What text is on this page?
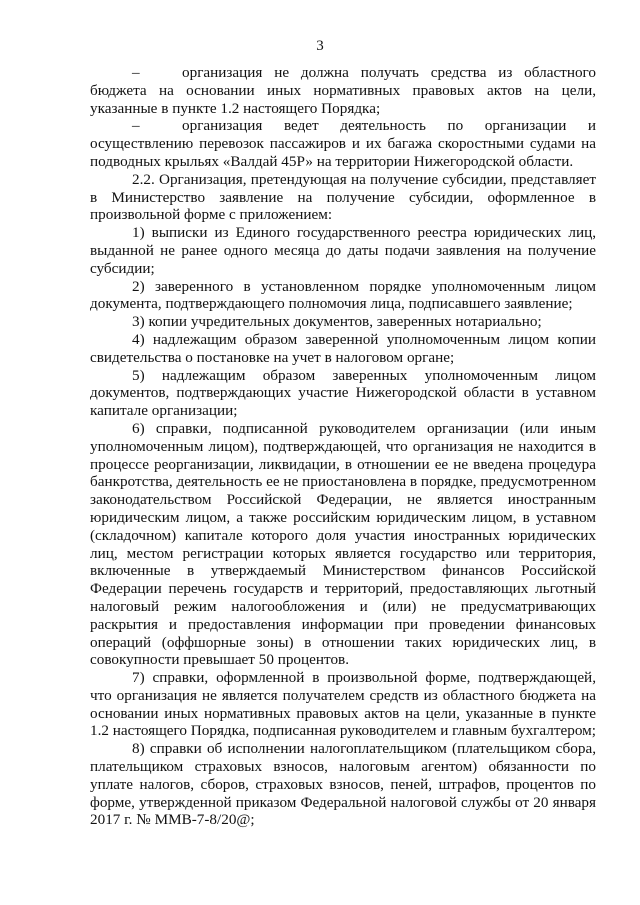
3

–	организация не должна получать средства из областного бюджета на основании иных нормативных правовых актов на цели, указанные в пункте 1.2 настоящего Порядка;

–	организация ведет деятельность по организации и осуществлению перевозок пассажиров и их багажа скоростными судами на подводных крыльях «Валдай 45Р» на территории Нижегородской области.

2.2. Организация, претендующая на получение субсидии, представляет в Министерство заявление на получение субсидии, оформленное в произвольной форме с приложением:

1) выписки из Единого государственного реестра юридических лиц, выданной не ранее одного месяца до даты подачи заявления на получение субсидии;

2) заверенного в установленном порядке уполномоченным лицом документа, подтверждающего полномочия лица, подписавшего заявление;

3) копии учредительных документов, заверенных нотариально;

4) надлежащим образом заверенной уполномоченным лицом копии свидетельства о постановке на учет в налоговом органе;

5) надлежащим образом заверенных уполномоченным лицом документов, подтверждающих участие Нижегородской области в уставном капитале организации;

6) справки, подписанной руководителем организации (или иным уполномоченным лицом), подтверждающей, что организация не находится в процессе реорганизации, ликвидации, в отношении ее не введена процедура банкротства, деятельность ее не приостановлена в порядке, предусмотренном законодательством Российской Федерации, не является иностранным юридическим лицом, а также российским юридическим лицом, в уставном (складочном) капитале которого доля участия иностранных юридических лиц, местом регистрации которых является государство или территория, включенные в утверждаемый Министерством финансов Российской Федерации перечень государств и территорий, предоставляющих льготный налоговый режим налогообложения и (или) не предусматривающих раскрытия и предоставления информации при проведении финансовых операций (оффшорные зоны) в отношении таких юридических лиц, в совокупности превышает 50 процентов.

7) справки, оформленной в произвольной форме, подтверждающей, что организация не является получателем средств из областного бюджета на основании иных нормативных правовых актов на цели, указанные в пункте 1.2 настоящего Порядка, подписанная руководителем и главным бухгалтером;

8) справки об исполнении налогоплательщиком (плательщиком сбора, плательщиком страховых взносов, налоговым агентом) обязанности по уплате налогов, сборов, страховых взносов, пеней, штрафов, процентов по форме, утвержденной приказом Федеральной налоговой службы от 20 января 2017 г. № ММВ-7-8/20@;
